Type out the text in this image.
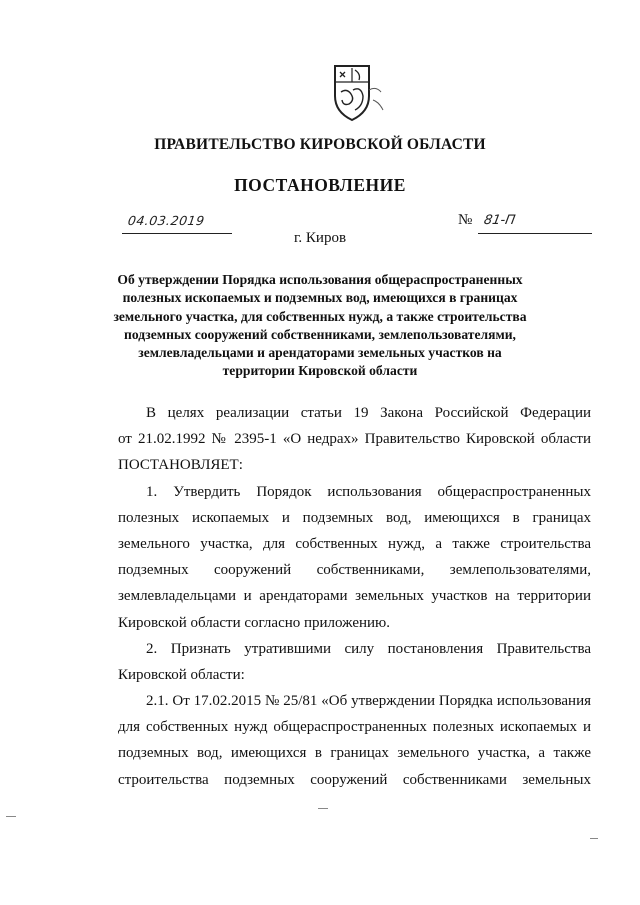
ПРАВИТЕЛЬСТВО КИРОВСКОЙ ОБЛАСТИ
ПОСТАНОВЛЕНИЕ
04.03.2019	№ 81-П
г. Киров
Об утверждении Порядка использования общераспространенных
полезных ископаемых и подземных вод, имеющихся в границах
земельного участка, для собственных нужд, а также строительства
подземных сооружений собственниками, землепользователями,
землевладельцами и арендаторами земельных участков на
территории Кировской области
В целях реализации статьи 19 Закона Российской Федерации
от 21.02.1992 № 2395-1 «О недрах» Правительство Кировской области
ПОСТАНОВЛЯЕТ:
1. Утвердить Порядок использования общераспространенных
полезных ископаемых и подземных вод, имеющихся в границах
земельного участка, для собственных нужд, а также строительства
подземных сооружений собственниками, землепользователями,
землевладельцами и арендаторами земельных участков на территории
Кировской области согласно приложению.
2. Признать утратившими силу постановления Правительства
Кировской области:
2.1. От 17.02.2015 № 25/81 «Об утверждении Порядка использования
для собственных нужд общераспространенных полезных ископаемых и
подземных вод, имеющихся в границах земельного участка, а также
строительства подземных сооружений собственниками земельных
